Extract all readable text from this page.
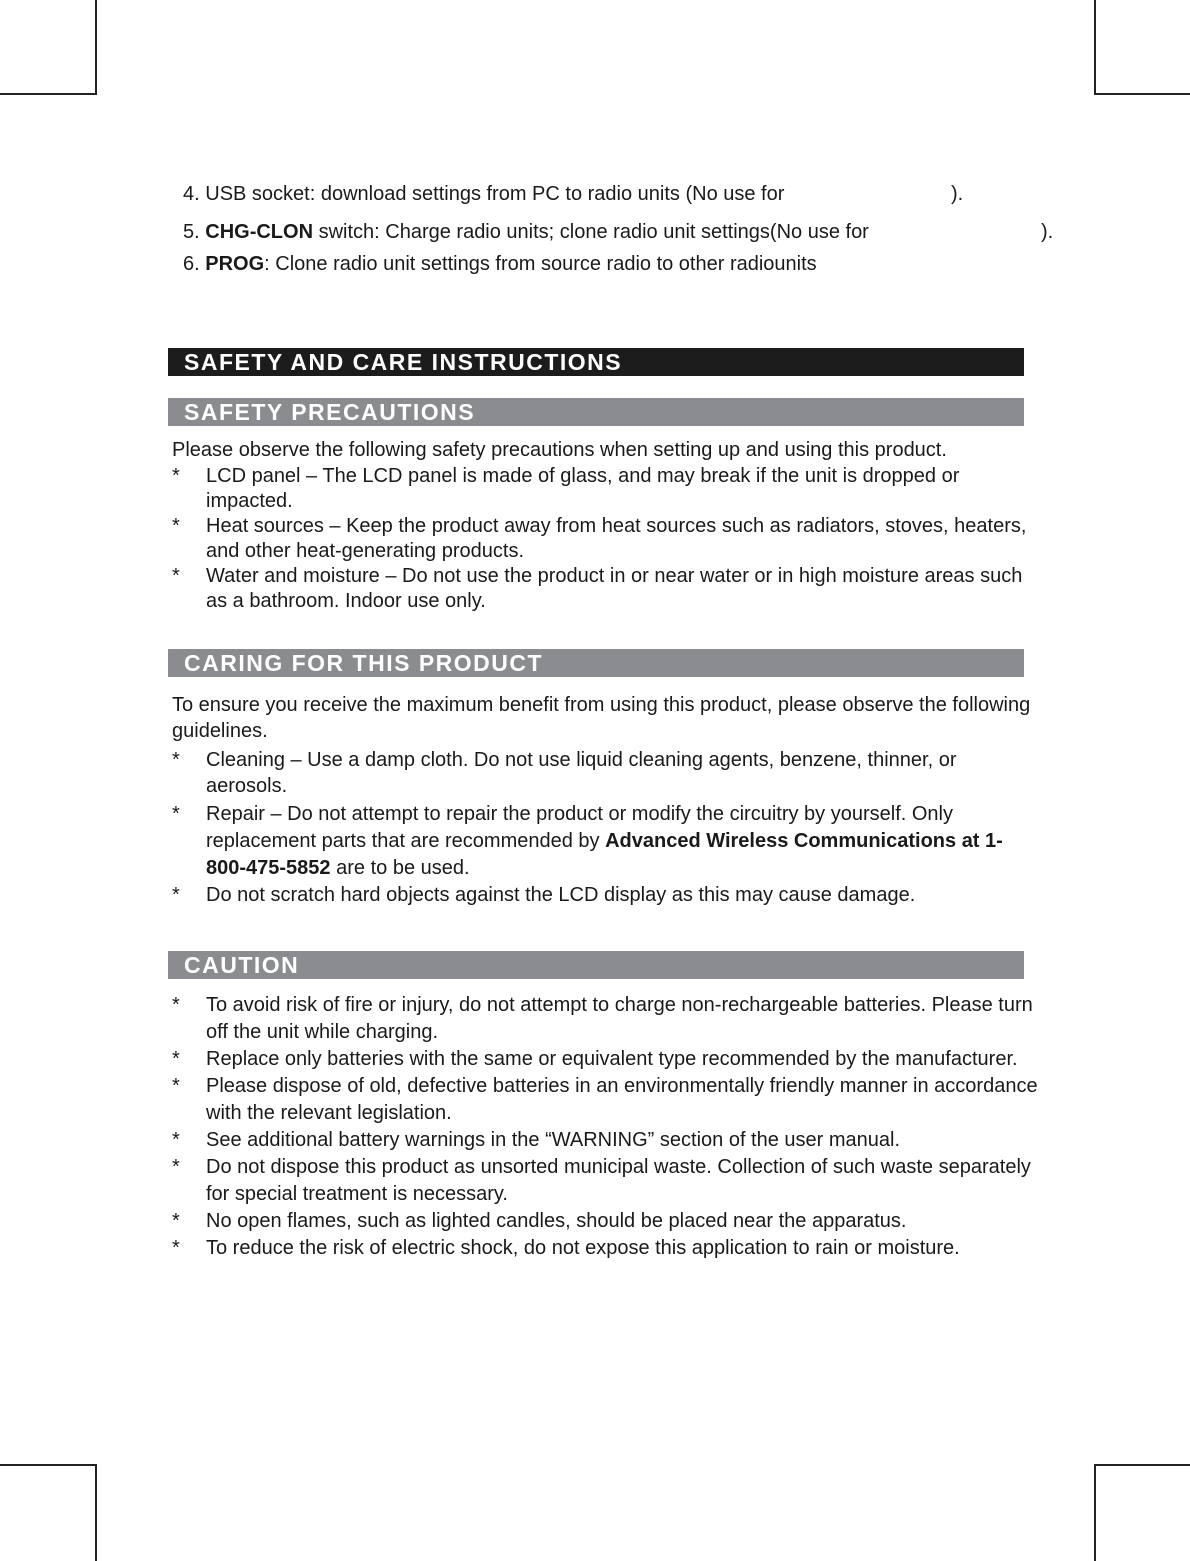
4. USB socket: download settings from PC to radio units (No use for	).
5. CHG-CLON switch: Charge radio units; clone radio unit settings(No use for	).
6. PROG: Clone radio unit settings from source radio to other radiounits
SAFETY AND CARE INSTRUCTIONS
SAFETY PRECAUTIONS

Please observe the following safety precautions when setting up and using this product.

*	LCD panel – The LCD panel is made of glass, and may break if the unit is dropped or impacted.
*	Heat sources – Keep the product away from heat sources such as radiators, stoves, heaters, and other heat-generating products.
*	Water and moisture – Do not use the product in or near water or in high moisture areas such as a bathroom. Indoor use only.
CARING FOR THIS PRODUCT

To ensure you receive the maximum benefit from using this product, please observe the following guidelines.

*	Cleaning – Use a damp cloth. Do not use liquid cleaning agents, benzene, thinner, or aerosols.
*	Repair – Do not attempt to repair the product or modify the circuitry by yourself. Only replacement parts that are recommended by Advanced Wireless Communications at 1-800-475-5852 are to be used.
*	Do not scratch hard objects against the LCD display as this may cause damage.
CAUTION
*	To avoid risk of fire or injury, do not attempt to charge non-rechargeable batteries. Please turn off the unit while charging.
*	Replace only batteries with the same or equivalent type recommended by the manufacturer.
*	Please dispose of old, defective batteries in an environmentally friendly manner in accordance with the relevant legislation.
*	See additional battery warnings in the “WARNING” section of the user manual.
*	Do not dispose this product as unsorted municipal waste. Collection of such waste separately for special treatment is necessary.
*	No open flames, such as lighted candles, should be placed near the apparatus.
*	To reduce the risk of electric shock, do not expose this application to rain or moisture.
